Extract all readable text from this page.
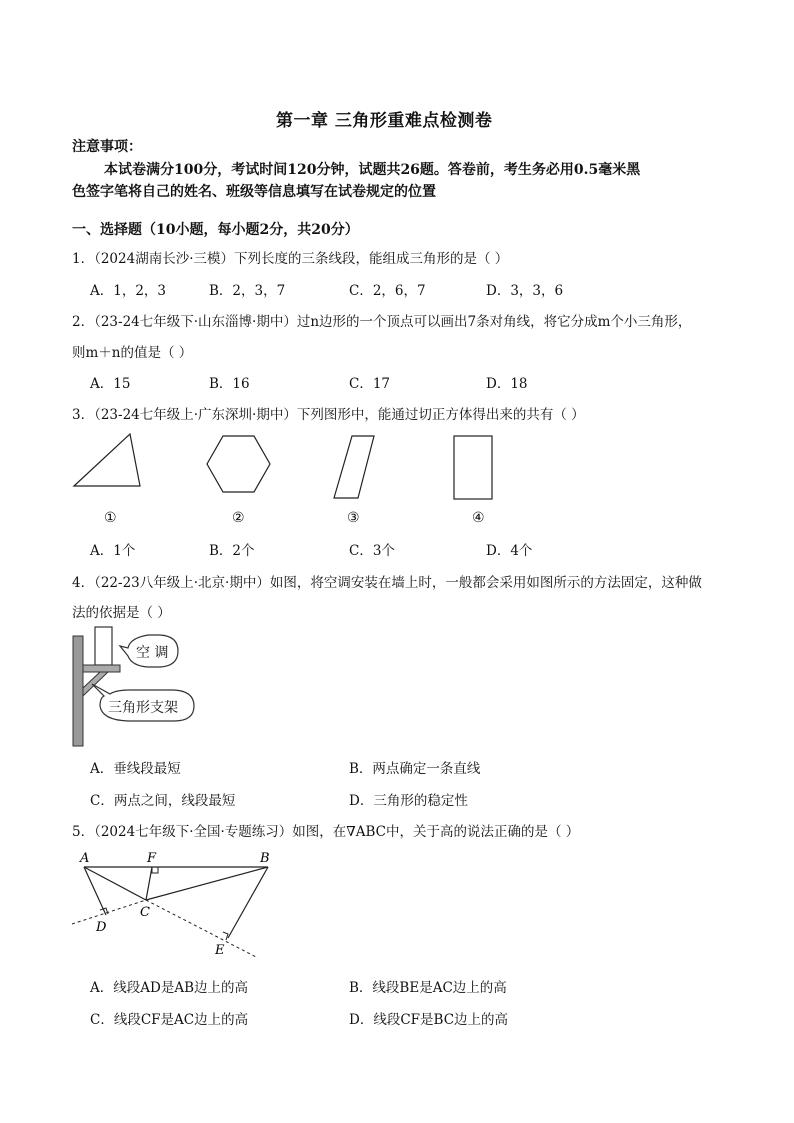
第一章 三角形重难点检测卷
注意事项：
本试卷满分100分，考试时间120分钟，试题共26题。答卷前，考生务必用0.5毫米黑
色签字笔将自己的姓名、班级等信息填写在试卷规定的位置
一、选择题（10小题，每小题2分，共20分）
1．（2024湖南长沙·三模）下列长度的三条线段，能组成三角形的是（ ）
A．1，2，3	B．2，3，7	C．2，6，7	D．3，3，6
2．（23-24七年级下·山东淄博·期中）过n边形的一个顶点可以画出7条对角线，将它分成m个小三角形，
则m＋n的值是（ ）
A．15	B．16	C．17	D．18
3．（23-24七年级上·广东深圳·期中）下列图形中，能通过切正方体得出来的共有（ ）
①	②	③	④
A．1个	B．2个	C．3个	D．4个
4．（22-23八年级上·北京·期中）如图，将空调安装在墙上时，一般都会采用如图所示的方法固定，这种做
法的依据是（ ）
空 调
三角形支架
A．垂线段最短	B．两点确定一条直线
C．两点之间，线段最短	D．三角形的稳定性
5．（2024七年级下·全国·专题练习）如图，在∇ABC中，关于高的说法正确的是（ ）
A	F	B
C
D
E
A．线段AD是AB边上的高	B．线段BE是AC边上的高
C．线段CF是AC边上的高	D．线段CF是BC边上的高
